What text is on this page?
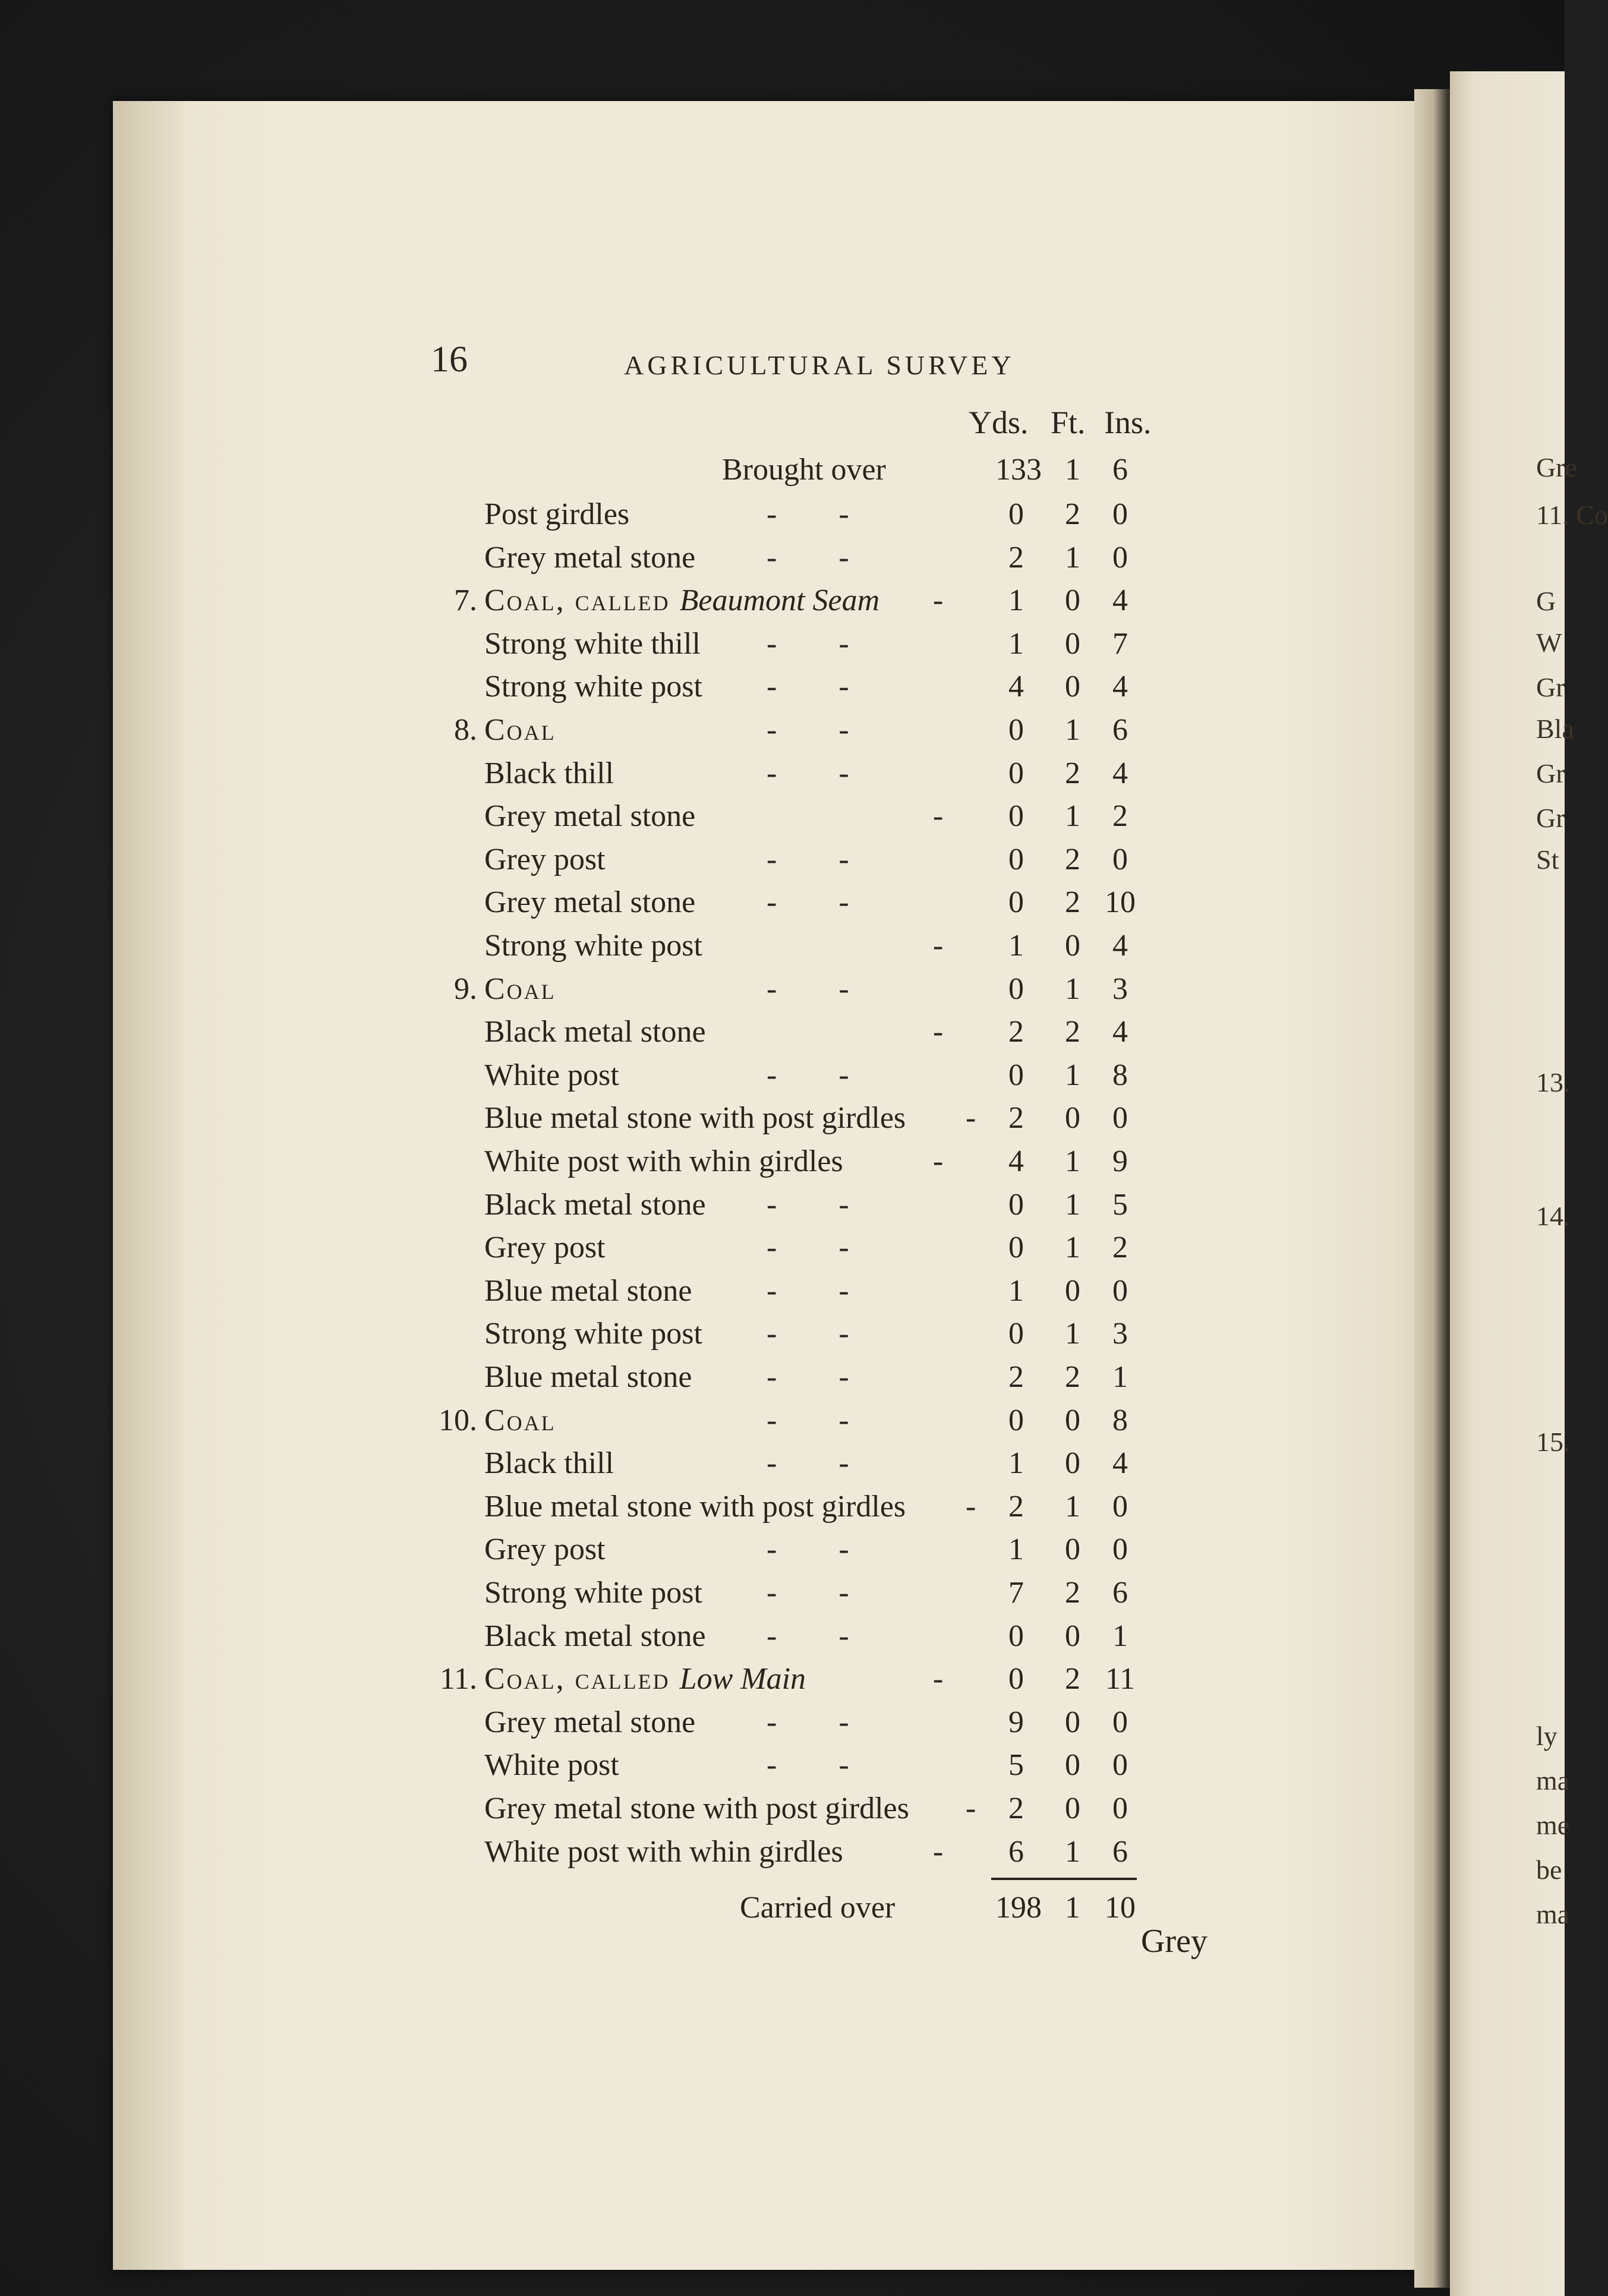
Gre
11. Co
G
W
Gr
Bla
Gr
Gr
St
13.
14.
15.
ly
ma
me
be
ma
16	AGRICULTURAL SURVEY
Yds. Ft. Ins.
Brought over	133 1	6
Post girdles	-        -	0	2	0
Grey metal stone -        -	2	1	0
7. Coal, called Beaumont Seam -	1	0	4
Strong white thill -        -	1	0	7
Strong white post -        -	4	0	4
8. Coal	-        -	0	1	6
Black thill	-        -	0	2	4
Grey metal stone	-	0	1	2
Grey post	-        -	0	2	0
Grey metal stone -        -	0	2 10
Strong white post	-	1	0	4
9. Coal	-        -	0	1	3
Black metal stone	-	2	2	4
White post	-        -	0	1	8
Blue metal stone with post girdles -	2	0	0
White post with whin girdles	-	4	1	9
Black metal stone -        -	0	1	5
Grey post	-        -	0	1	2
Blue metal stone -        -	1	0	0
Strong white post -        -	0	1	3
Blue metal stone -        -	2	2	1
10. Coal	-        -	0	0	8
Black thill	-        -	1	0	4
Blue metal stone with post girdles -	2	1	0
Grey post	-        -	1	0	0
Strong white post -        -	7	2	6
Black metal stone -        -	0	0	1
11. Coal, called Low Main	-	0	2 11
Grey metal stone -        -	9	0	0
White post	-        -	5	0	0
Grey metal stone with post girdles -	2	0	0
White post with whin girdles	-	6	1	6
Carried over	198 1 10
Grey
